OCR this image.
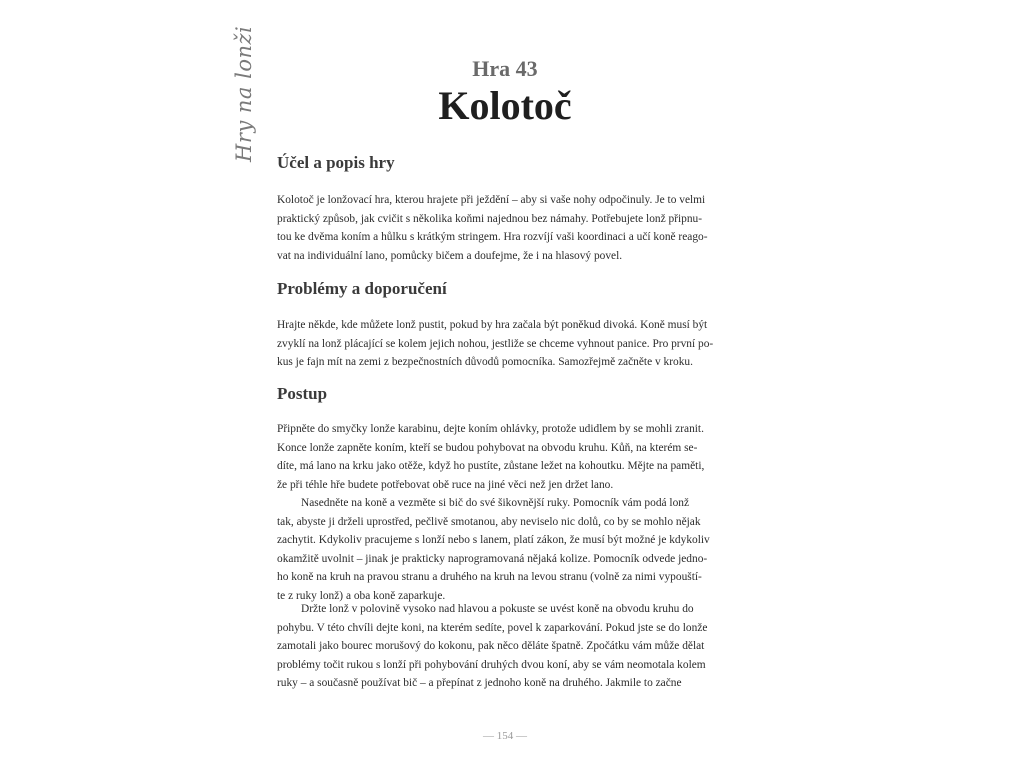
Hry na lonži	Hra 43
Kolotoč
Účel a popis hry
Kolotoč je lonžovací hra, kterou hrajete při ježdění – aby si vaše nohy odpočinuly. Je to velmi
praktický způsob, jak cvičit s několika koňmi najednou bez námahy. Potřebujete lonž připnu-
tou ke dvěma koním a hůlku s krátkým stringem. Hra rozvíjí vaši koordinaci a učí koně reago-
vat na individuální lano, pomůcky bičem a doufejme, že i na hlasový povel.
Problémy a doporučení
Hrajte někde, kde můžete lonž pustit, pokud by hra začala být poněkud divoká. Koně musí být
zvyklí na lonž plácající se kolem jejich nohou, jestliže se chceme vyhnout panice. Pro první po-
kus je fajn mít na zemi z bezpečnostních důvodů pomocníka. Samozřejmě začněte v kroku.
Postup
Připněte do smyčky lonže karabinu, dejte koním ohlávky, protože udidlem by se mohli zranit.
Konce lonže zapněte koním, kteří se budou pohybovat na obvodu kruhu. Kůň, na kterém se-
díte, má lano na krku jako otěže, když ho pustíte, zůstane ležet na kohoutku. Mějte na paměti,
že při téhle hře budete potřebovat obě ruce na jiné věci než jen držet lano.
Nasedněte na koně a vezměte si bič do své šikovnější ruky. Pomocník vám podá lonž
tak, abyste ji drželi uprostřed, pečlivě smotanou, aby neviselo nic dolů, co by se mohlo nějak
zachytit. Kdykoliv pracujeme s lonží nebo s lanem, platí zákon, že musí být možné je kdykoliv
okamžitě uvolnit – jinak je prakticky naprogramovaná nějaká kolize. Pomocník odvede jedno-
ho koně na kruh na pravou stranu a druhého na kruh na levou stranu (volně za nimi vypouští-
te z ruky lonž) a oba koně zaparkuje.
Držte lonž v polovině vysoko nad hlavou a pokuste se uvést koně na obvodu kruhu do
pohybu. V této chvíli dejte koni, na kterém sedíte, povel k zaparkování. Pokud jste se do lonže
zamotali jako bourec morušový do kokonu, pak něco děláte špatně. Zpočátku vám může dělat
problémy točit rukou s lonží při pohybování druhých dvou koní, aby se vám neomotala kolem
ruky – a současně používat bič – a přepínat z jednoho koně na druhého. Jakmile to začne
— 154 —
